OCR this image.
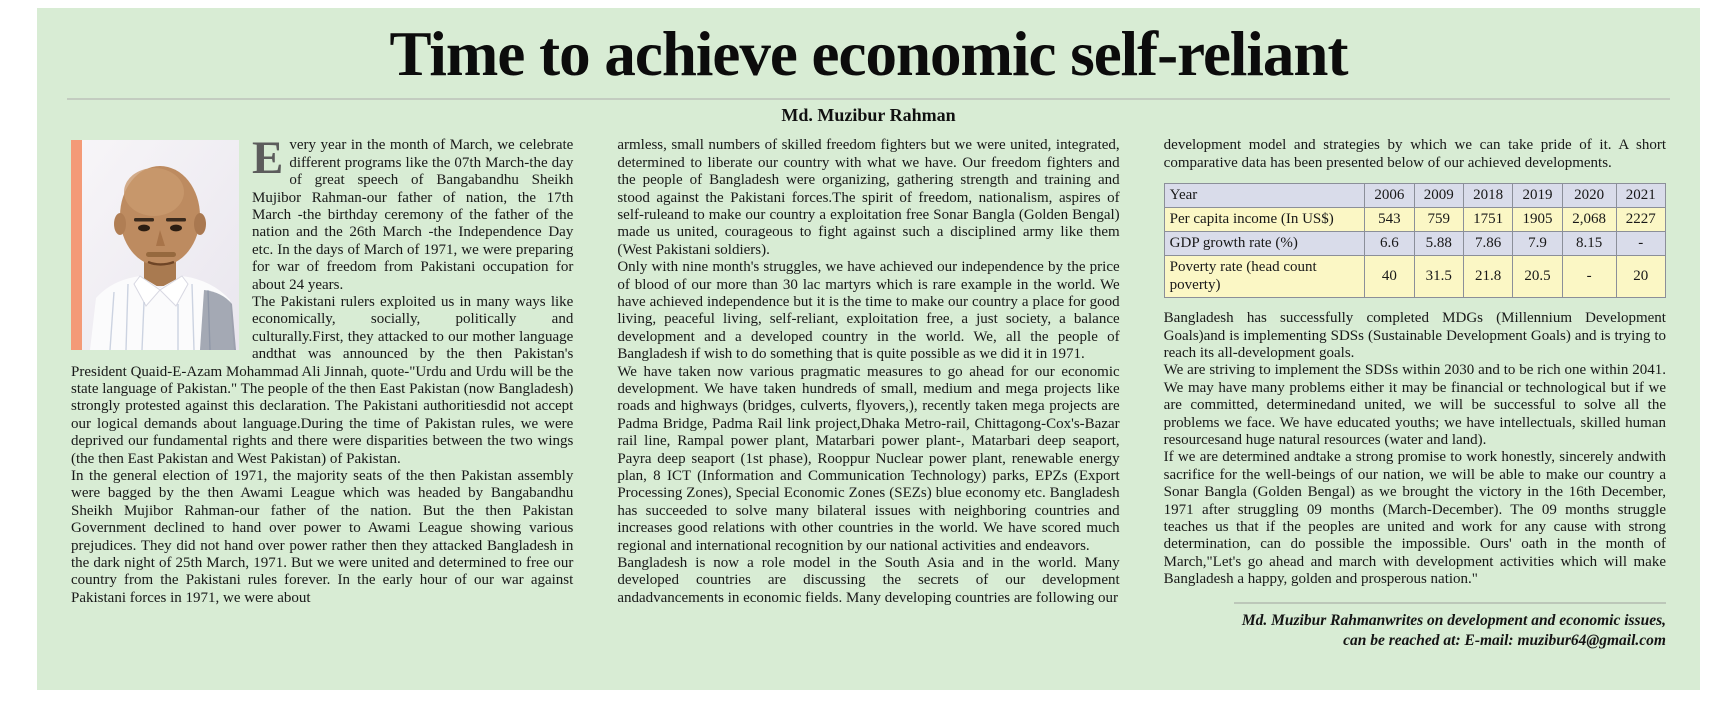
Time to achieve economic self-reliant
Md. Muzibur Rahman

Every year in the month of March, we celebrate different programs like the 07th March-the day of great speech of Bangabandhu Sheikh Mujibor Rahman-our father of nation, the 17th March -the birthday ceremony of the father of the nation and the 26th March -the Independence Day etc. In the days of March of 1971, we were preparing for war of freedom from Pakistani occupation for about 24 years.

The Pakistani rulers exploited us in many ways like economically, socially, politically and culturally.First, they attacked to our mother language andthat was announced by the then Pakistan's President Quaid-E-Azam Mohammad Ali Jinnah, quote-"Urdu and Urdu will be the state language of Pakistan." The people of the then East Pakistan (now Bangladesh) strongly protested against this declaration. The Pakistani authoritiesdid not accept our logical demands about language.During the time of Pakistan rules, we were deprived our fundamental rights and there were disparities between the two wings (the then East Pakistan and West Pakistan) of Pakistan.

In the general election of 1971, the majority seats of the then Pakistan assembly were bagged by the then Awami League which was headed by Bangabandhu Sheikh Mujibor Rahman-our father of the nation. But the then Pakistan Government declined to hand over power to Awami League showing various prejudices. They did not hand over power rather then they attacked Bangladesh in the dark night of 25th March, 1971. But we were united and determined to free our country from the Pakistani rules forever. In the early hour of our war against Pakistani forces in 1971, we were about

armless, small numbers of skilled freedom fighters but we were united, integrated, determined to liberate our country with what we have. Our freedom fighters and the people of Bangladesh were organizing, gathering strength and training and stood against the Pakistani forces.The spirit of freedom, nationalism, aspires of self-ruleand to make our country a exploitation free Sonar Bangla (Golden Bengal) made us united, courageous to fight against such a disciplined army like them (West Pakistani soldiers).

Only with nine month's struggles, we have achieved our independence by the price of blood of our more than 30 lac martyrs which is rare example in the world. We have achieved independence but it is the time to make our country a place for good living, peaceful living, self-reliant, exploitation free, a just society, a balance development and a developed country in the world. We, all the people of Bangladesh if wish to do something that is quite possible as we did it in 1971.

We have taken now various pragmatic measures to go ahead for our economic development. We have taken hundreds of small, medium and mega projects like roads and highways (bridges, culverts, flyovers,), recently taken mega projects are Padma Bridge, Padma Rail link project,Dhaka Metro-rail, Chittagong-Cox's-Bazar rail line, Rampal power plant, Matarbari power plant-, Matarbari deep seaport, Payra deep seaport (1st phase), Rooppur Nuclear power plant, renewable energy plan, 8 ICT (Information and Communication Technology) parks, EPZs (Export Processing Zones), Special Economic Zones (SEZs) blue economy etc. Bangladesh has succeeded to solve many bilateral issues with neighboring countries and increases good relations with other countries in the world. We have scored much regional and international recognition by our national activities and endeavors.

Bangladesh is now a role model in the South Asia and in the world. Many developed countries are discussing the secrets of our development andadvancements in economic fields. Many developing countries are following our

development model and strategies by which we can take pride of it. A short comparative data has been presented below of our achieved developments.

Year	2006	2009	2018	2019	2020	2021
Per capita income (In US$)	543	759	1751	1905	2,068	2227
GDP growth rate (%)	6.6	5.88	7.86	7.9	8.15	-
Poverty rate (head count poverty)	40	31.5	21.8	20.5	-	20

Bangladesh has successfully completed MDGs (Millennium Development Goals)and is implementing SDSs (Sustainable Development Goals) and is trying to reach its all-development goals.

We are striving to implement the SDSs within 2030 and to be rich one within 2041. We may have many problems either it may be financial or technological but if we are committed, determinedand united, we will be successful to solve all the problems we face. We have educated youths; we have intellectuals, skilled human resourcesand huge natural resources (water and land).

If we are determined andtake a strong promise to work honestly, sincerely andwith sacrifice for the well-beings of our nation, we will be able to make our country a Sonar Bangla (Golden Bengal) as we brought the victory in the 16th December, 1971 after struggling 09 months (March-December). The 09 months struggle teaches us that if the peoples are united and work for any cause with strong determination, can do possible the impossible. Ours' oath in the month of March,"Let's go ahead and march with development activities which will make Bangladesh a happy, golden and prosperous nation."

Md. Muzibur Rahmanwrites on development and economic issues,
can be reached at: E-mail: muzibur64@gmail.com
